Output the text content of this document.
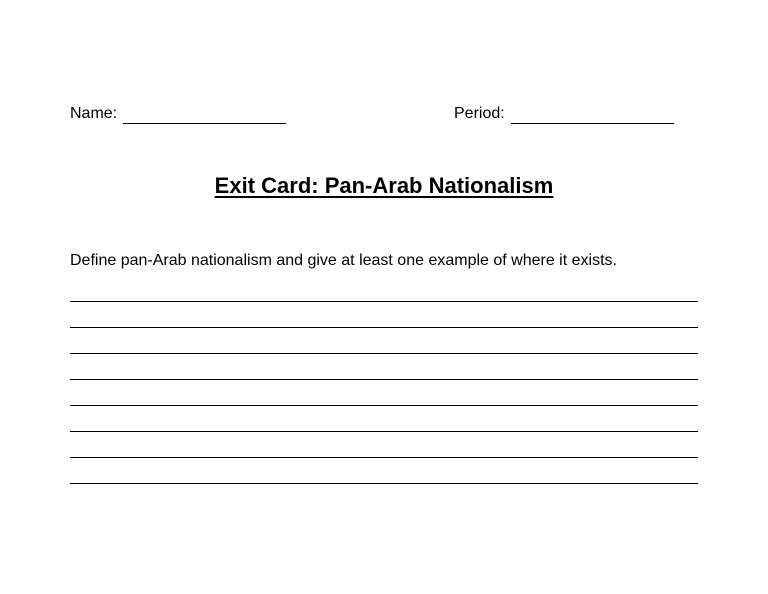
Name:	Period:
Exit Card: Pan-Arab Nationalism
Define pan-Arab nationalism and give at least one example of where it exists.
